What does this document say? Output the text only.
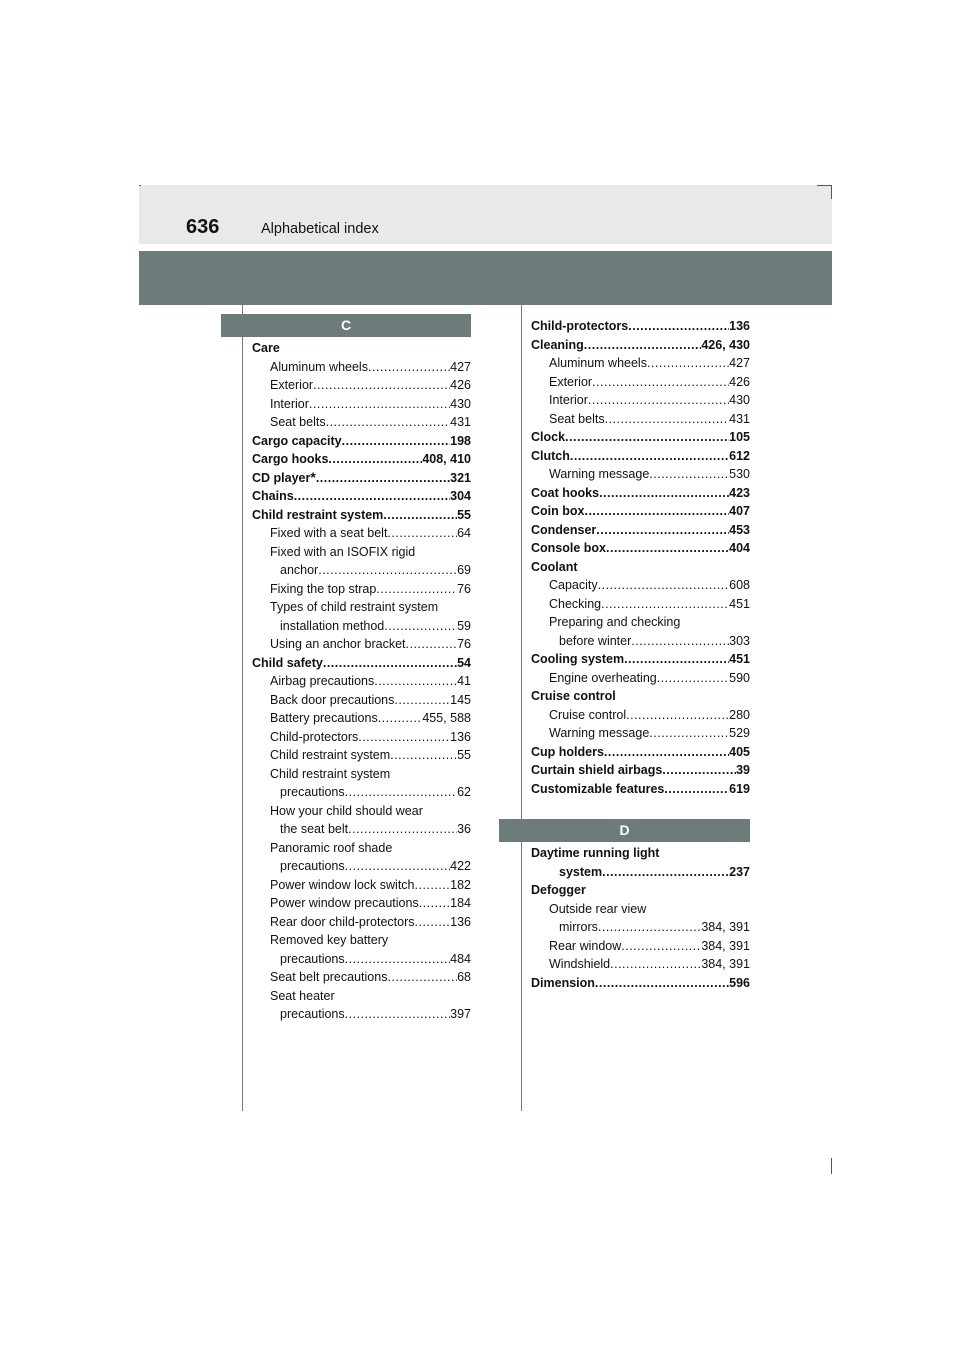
636	Alphabetical index
C
D
Care
Aluminum wheels .....	427
Exterior .....	426
Interior .....	430
Seat belts .....	431
Cargo capacity .....	198
Cargo hooks .....	408, 410
CD player * .....	321
Chains .....	304
Child restraint system .....	55
Fixed with a seat belt .....	64
Fixed with an ISOFIX rigid
anchor .....	69
Fixing the top strap .....	76
Types of child restraint system
installation method .....	59
Using an anchor bracket .....	76
Child safety .....	54
Airbag precautions .....	41
Back door precautions .....	145
Battery precautions .....	455, 588
Child-protectors .....	136
Child restraint system .....	55
Child restraint system
precautions .....	62
How your child should wear
the seat belt .....	36
Panoramic roof shade
precautions .....	422
Power window lock switch .....	182
Power window precautions .....	184
Rear door child-protectors .....	136
Removed key battery
precautions .....	484
Seat belt precautions .....	68
Seat heater
precautions .....	397
Child-protectors .....	136
Cleaning .....	426, 430
Aluminum wheels .....	427
Exterior .....	426
Interior .....	430
Seat belts .....	431
Clock .....	105
Clutch .....	612
Warning message .....	530
Coat hooks .....	423
Coin box .....	407
Condenser .....	453
Console box .....	404
Coolant
Capacity .....	608
Checking .....	451
Preparing and checking
before winter .....	303
Cooling system .....	451
Engine overheating .....	590
Cruise control
Cruise control .....	280
Warning message .....	529
Cup holders .....	405
Curtain shield airbags .....	39
Customizable features .....	619
Daytime running light
system .....	237
Defogger
Outside rear view
mirrors .....	384, 391
Rear window .....	384, 391
Windshield .....	384, 391
Dimension .....	596
